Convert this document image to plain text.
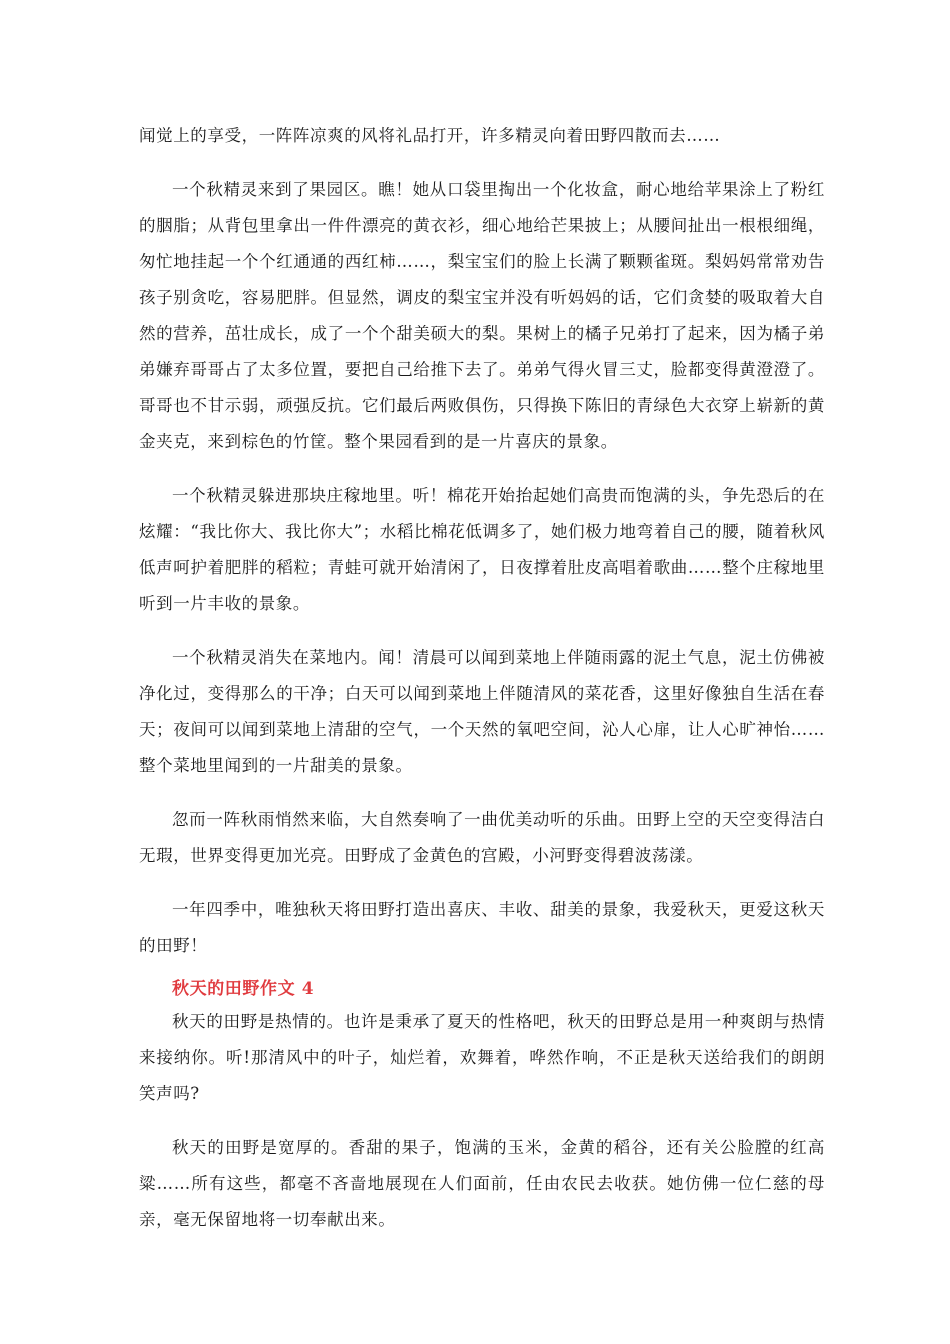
闻觉上的享受，一阵阵凉爽的风将礼品打开，许多精灵向着田野四散而去……

一个秋精灵来到了果园区。瞧！她从口袋里掏出一个化妆盒，耐心地给苹果涂上了粉红的胭脂；从背包里拿出一件件漂亮的黄衣衫，细心地给芒果披上；从腰间扯出一根根细绳，匆忙地挂起一个个红通通的西红柿……，梨宝宝们的脸上长满了颗颗雀斑。梨妈妈常常劝告孩子别贪吃，容易肥胖。但显然，调皮的梨宝宝并没有听妈妈的话，它们贪婪的吸取着大自然的营养，茁壮成长，成了一个个甜美硕大的梨。果树上的橘子兄弟打了起来，因为橘子弟弟嫌弃哥哥占了太多位置，要把自己给推下去了。弟弟气得火冒三丈，脸都变得黄澄澄了。哥哥也不甘示弱，顽强反抗。它们最后两败俱伤，只得换下陈旧的青绿色大衣穿上崭新的黄金夹克，来到棕色的竹筐。整个果园看到的是一片喜庆的景象。

一个秋精灵躲进那块庄稼地里。听！棉花开始抬起她们高贵而饱满的头，争先恐后的在炫耀：“我比你大、我比你大”；水稻比棉花低调多了，她们极力地弯着自己的腰，随着秋风低声呵护着肥胖的稻粒；青蛙可就开始清闲了，日夜撑着肚皮高唱着歌曲……整个庄稼地里听到一片丰收的景象。

一个秋精灵消失在菜地内。闻！清晨可以闻到菜地上伴随雨露的泥土气息，泥土仿佛被净化过，变得那么的干净；白天可以闻到菜地上伴随清风的菜花香，这里好像独自生活在春天；夜间可以闻到菜地上清甜的空气，一个天然的氧吧空间，沁人心扉，让人心旷神怡……整个菜地里闻到的一片甜美的景象。

忽而一阵秋雨悄然来临，大自然奏响了一曲优美动听的乐曲。田野上空的天空变得洁白无瑕，世界变得更加光亮。田野成了金黄色的宫殿，小河野变得碧波荡漾。

一年四季中，唯独秋天将田野打造出喜庆、丰收、甜美的景象，我爱秋天，更爱这秋天的田野！

秋天的田野作文 4

秋天的田野是热情的。也许是秉承了夏天的性格吧，秋天的田野总是用一种爽朗与热情来接纳你。听!那清风中的叶子，灿烂着，欢舞着，哗然作响，不正是秋天送给我们的朗朗笑声吗?

秋天的田野是宽厚的。香甜的果子，饱满的玉米，金黄的稻谷，还有关公脸膛的红高粱……所有这些，都毫不吝啬地展现在人们面前，任由农民去收获。她仿佛一位仁慈的母亲，毫无保留地将一切奉献出来。
